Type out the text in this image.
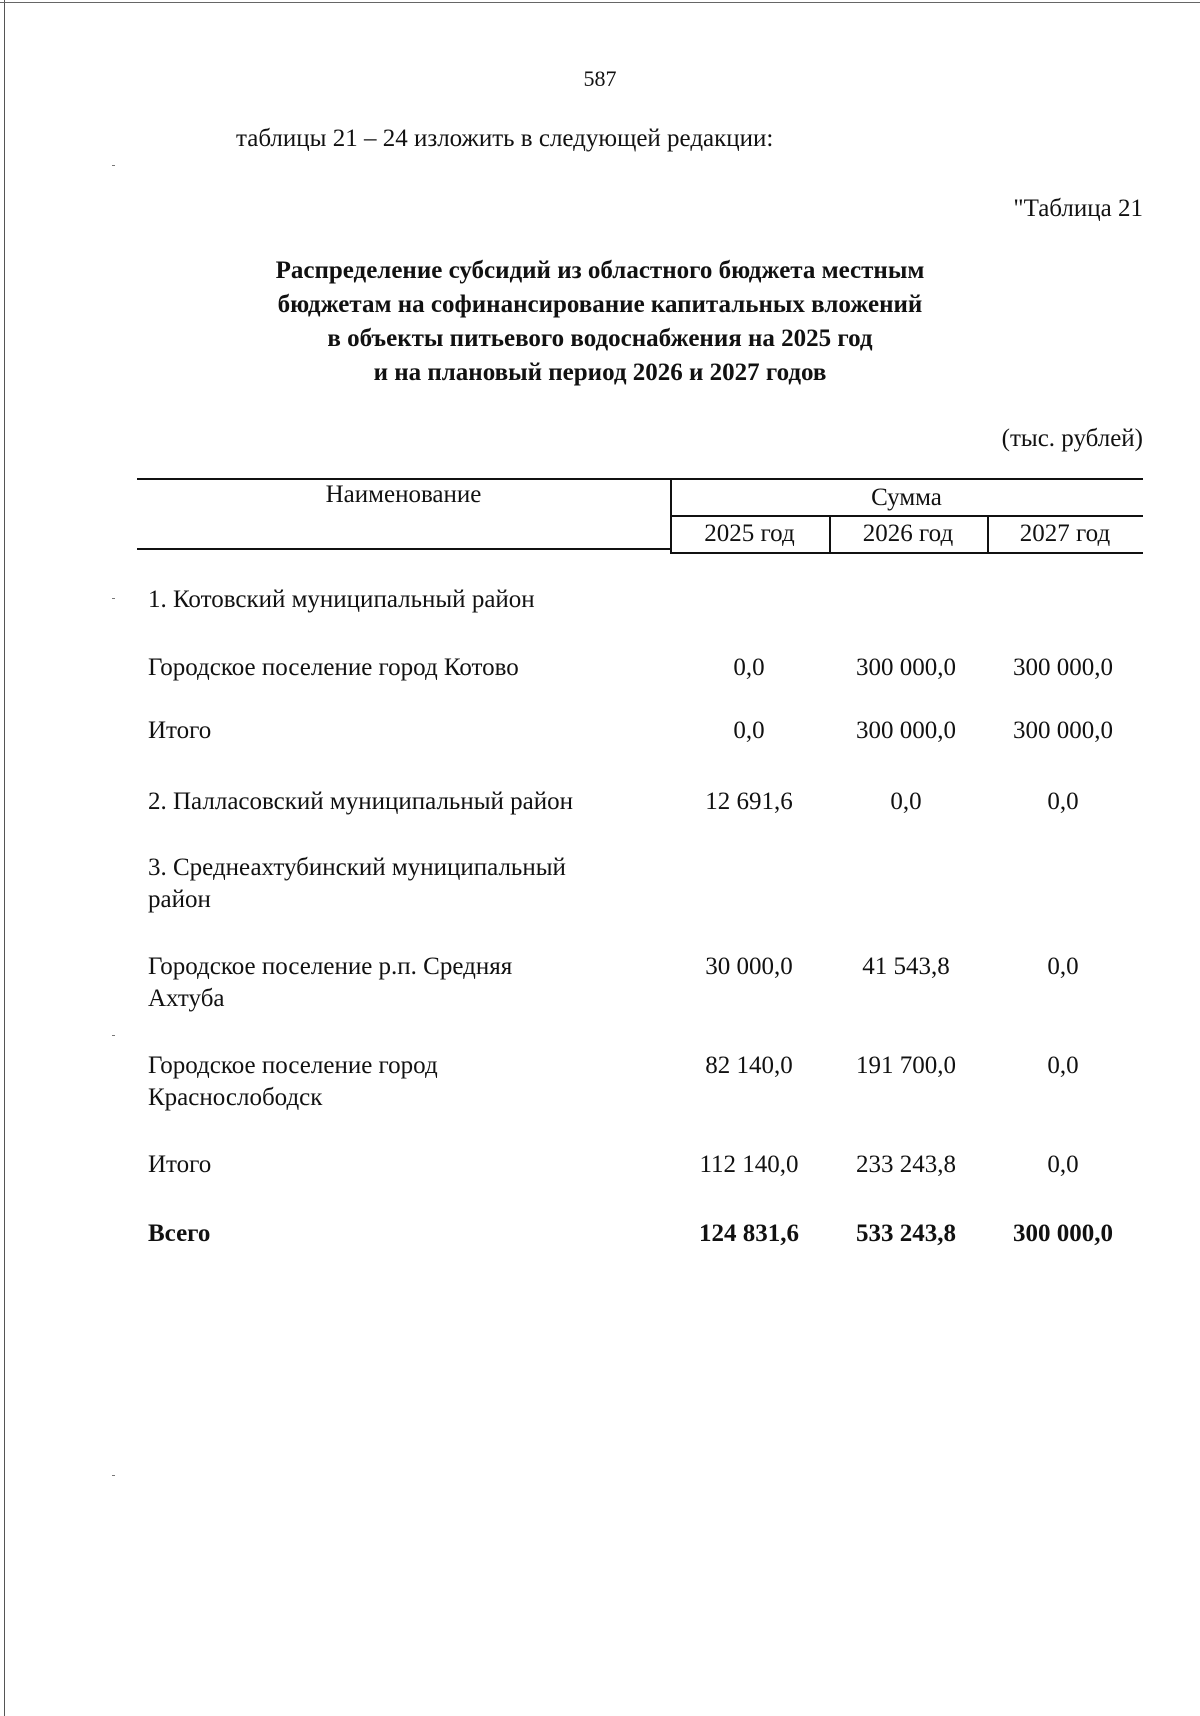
587
таблицы 21 – 24 изложить в следующей редакции:
"Таблица 21
Распределение субсидий из областного бюджета местным
бюджетам на софинансирование капитальных вложений
в объекты питьевого водоснабжения на 2025 год
и на плановый период 2026 и 2027 годов
(тыс. рублей)
Наименование	Сумма
2025 год	2026 год	2027 год
1. Котовский муниципальный район
Городское поселение город Котово	0,0	300 000,0	300 000,0
Итого	0,0	300 000,0	300 000,0
2. Палласовский муниципальный район	12 691,6	0,0	0,0
3. Среднеахтубинский муниципальный
район
Городское поселение р.п. Средняя
Ахтуба
30 000,0	41 543,8	0,0
Городское поселение город
Краснослободск
82 140,0	191 700,0	0,0
Итого	112 140,0	233 243,8	0,0
Всего	124 831,6	533 243,8	300 000,0
